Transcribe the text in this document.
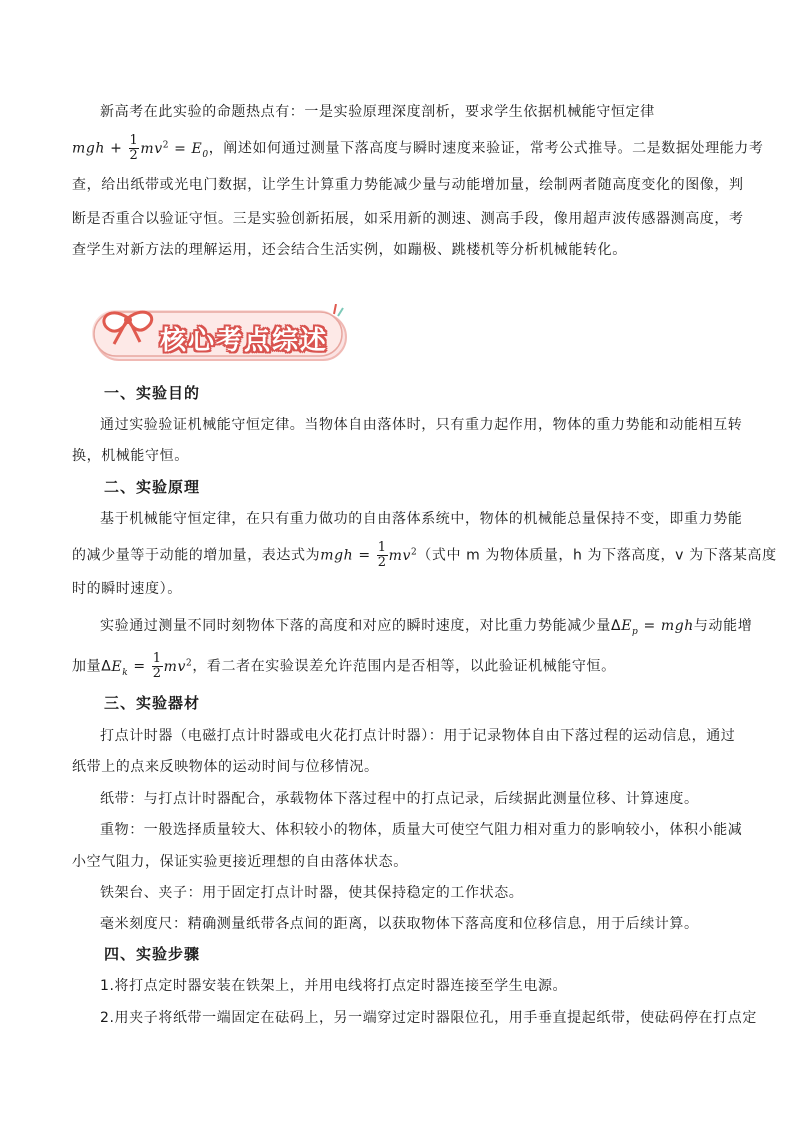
新高考在此实验的命题热点有：一是实验原理深度剖析，要求学生依据机械能守恒定律
mgh + $\frac{1}{2} mv^2 = E_0$，阐述如何通过测量下落高度与瞬时速度来验证，常考公式推导。二是数据处理能力考
查，给出纸带或光电门数据，让学生计算重力势能减少量与动能增加量，绘制两者随高度变化的图像，判
断是否重合以验证守恒。三是实验创新拓展，如采用新的测速、测高手段，像用超声波传感器测高度，考
查学生对新方法的理解运用，还会结合生活实例，如蹦极、跳楼机等分析机械能转化。
核心考点综述
一、实验目的
通过实验验证机械能守恒定律。当物体自由落体时，只有重力起作用，物体的重力势能和动能相互转
换，机械能守恒。
二、实验原理
基于机械能守恒定律，在只有重力做功的自由落体系统中，物体的机械能总量保持不变，即重力势能
的减少量等于动能的增加量，表达式为mgh = $\frac{1}{2} mv^2$（式中 m 为物体质量，h 为下落高度，v 为下落某高度
时的瞬时速度）。
实验通过测量不同时刻物体下落的高度和对应的瞬时速度，对比重力势能减少量$\Delta E_p$ = mgh与动能增
加量$\Delta E_k = \frac{1}{2} mv^2$，看二者在实验误差允许范围内是否相等，以此验证机械能守恒。
三、实验器材
打点计时器（电磁打点计时器或电火花打点计时器）：用于记录物体自由下落过程的运动信息，通过
纸带上的点来反映物体的运动时间与位移情况。
纸带：与打点计时器配合，承载物体下落过程中的打点记录，后续据此测量位移、计算速度。
重物：一般选择质量较大、体积较小的物体，质量大可使空气阻力相对重力的影响较小，体积小能减
小空气阻力，保证实验更接近理想的自由落体状态。
铁架台、夹子：用于固定打点计时器，使其保持稳定的工作状态。
毫米刻度尺：精确测量纸带各点间的距离，以获取物体下落高度和位移信息，用于后续计算。
四、实验步骤
1.将打点定时器安装在铁架上，并用电线将打点定时器连接至学生电源。
2.用夹子将纸带一端固定在砝码上，另一端穿过定时器限位孔，用手垂直提起纸带，使砝码停在打点定
